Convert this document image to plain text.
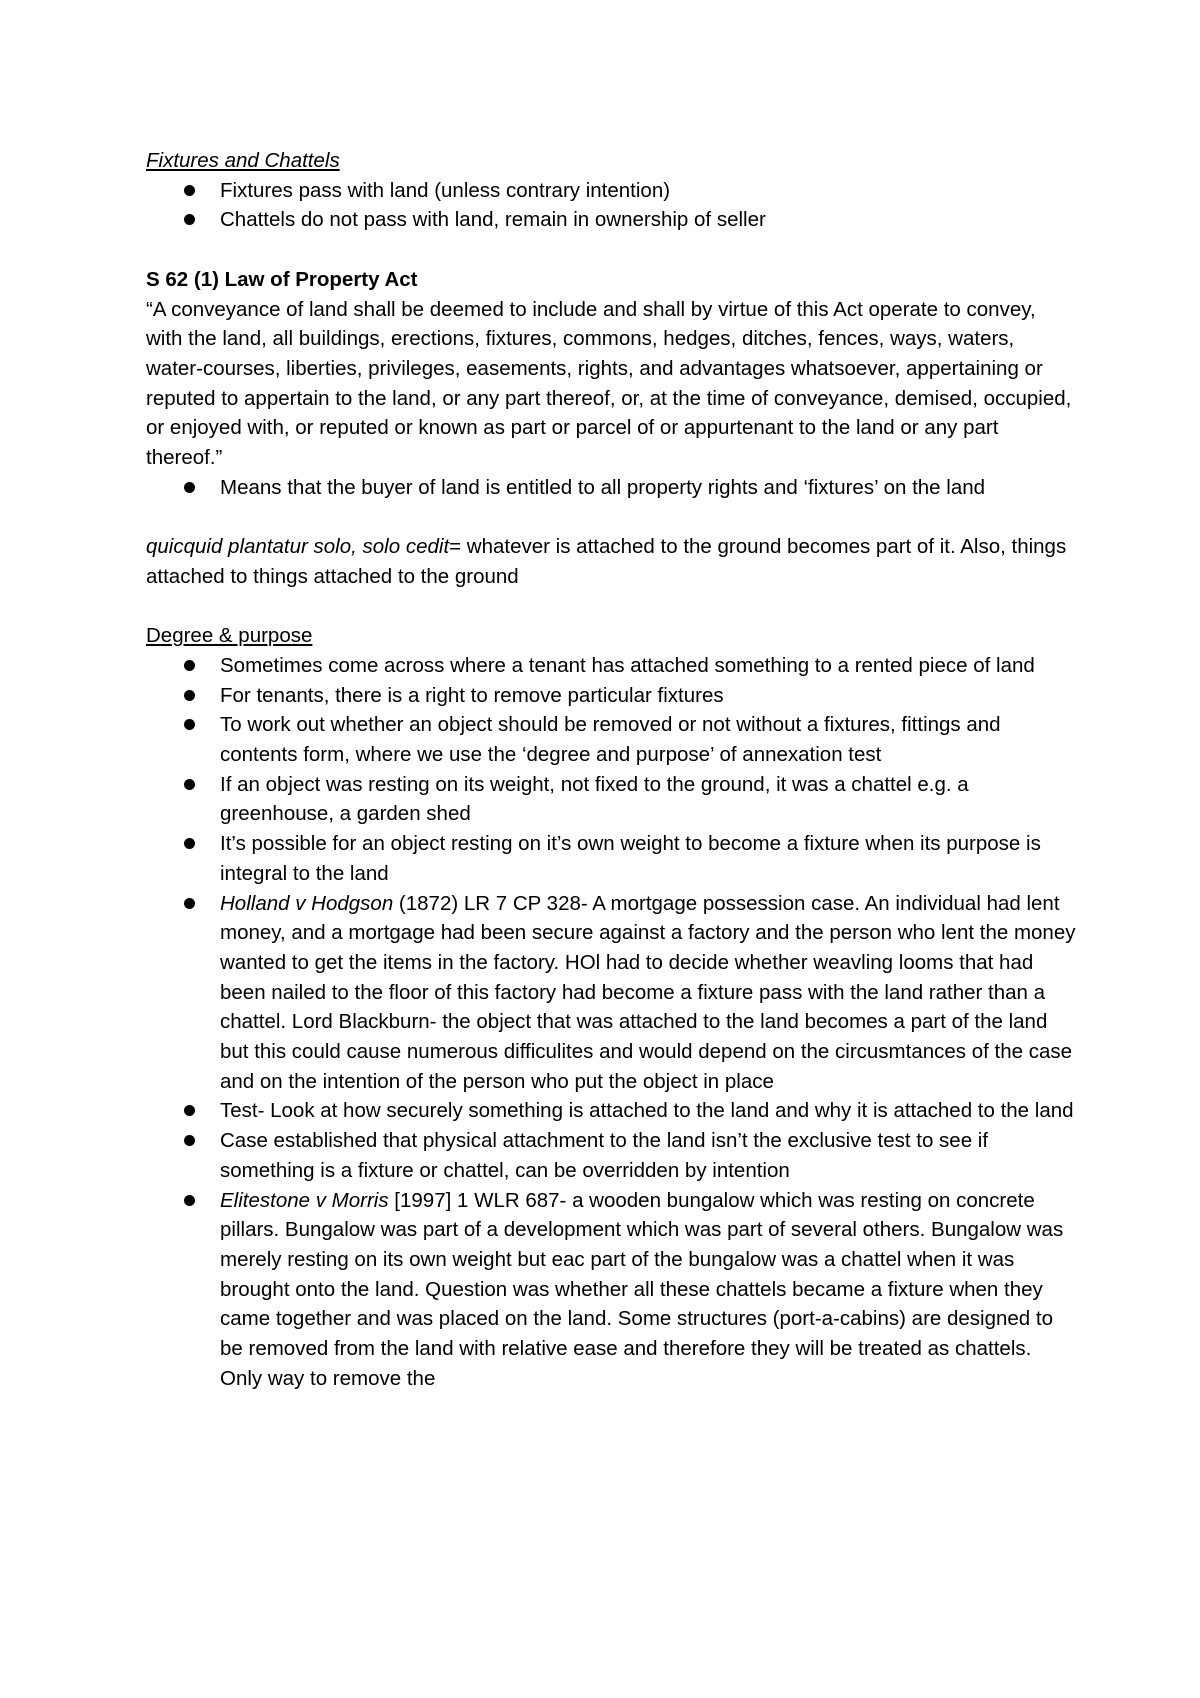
Fixtures and Chattels
Fixtures pass with land (unless contrary intention)
Chattels do not pass with land, remain in ownership of seller
S 62 (1) Law of Property Act

“A conveyance of land shall be deemed to include and shall by virtue of this Act operate to convey, with the land, all buildings, erections, fixtures, commons, hedges, ditches, fences, ways, waters, water-courses, liberties, privileges, easements, rights, and advantages whatsoever, appertaining or reputed to appertain to the land, or any part thereof, or, at the time of conveyance, demised, occupied, or enjoyed with, or reputed or known as part or parcel of or appurtenant to the land or any part thereof.”

Means that the buyer of land is entitled to all property rights and ‘fixtures’ on the land

quicquid plantatur solo, solo cedit= whatever is attached to the ground becomes part of it. Also, things attached to things attached to the ground

Degree & purpose
Sometimes come across where a tenant has attached something to a rented piece of land
For tenants, there is a right to remove particular fixtures
To work out whether an object should be removed or not without a fixtures, fittings and contents form, where we use the ‘degree and purpose’ of annexation test
If an object was resting on its weight, not fixed to the ground, it was a chattel e.g. a greenhouse, a garden shed
It’s possible for an object resting on it’s own weight to become a fixture when its purpose is integral to the land
Holland v Hodgson (1872) LR 7 CP 328- A mortgage possession case. An individual had lent money, and a mortgage had been secure against a factory and the person who lent the money wanted to get the items in the factory. HOl had to decide whether weavling looms that had been nailed to the floor of this factory had become a fixture pass with the land rather than a chattel. Lord Blackburn- the object that was attached to the land becomes a part of the land but this could cause numerous difficulites and would depend on the circusmtances of the case and on the intention of the person who put the object in place
Test- Look at how securely something is attached to the land and why it is attached to the land
Case established that physical attachment to the land isn’t the exclusive test to see if something is a fixture or chattel, can be overridden by intention
Elitestone v Morris [1997] 1 WLR 687- a wooden bungalow which was resting on concrete pillars. Bungalow was part of a development which was part of several others. Bungalow was merely resting on its own weight but eac part of the bungalow was a chattel when it was brought onto the land. Question was whether all these chattels became a fixture when they came together and was placed on the land. Some structures (port-a-cabins) are designed to be removed from the land with relative ease and therefore they will be treated as chattels. Only way to remove the
